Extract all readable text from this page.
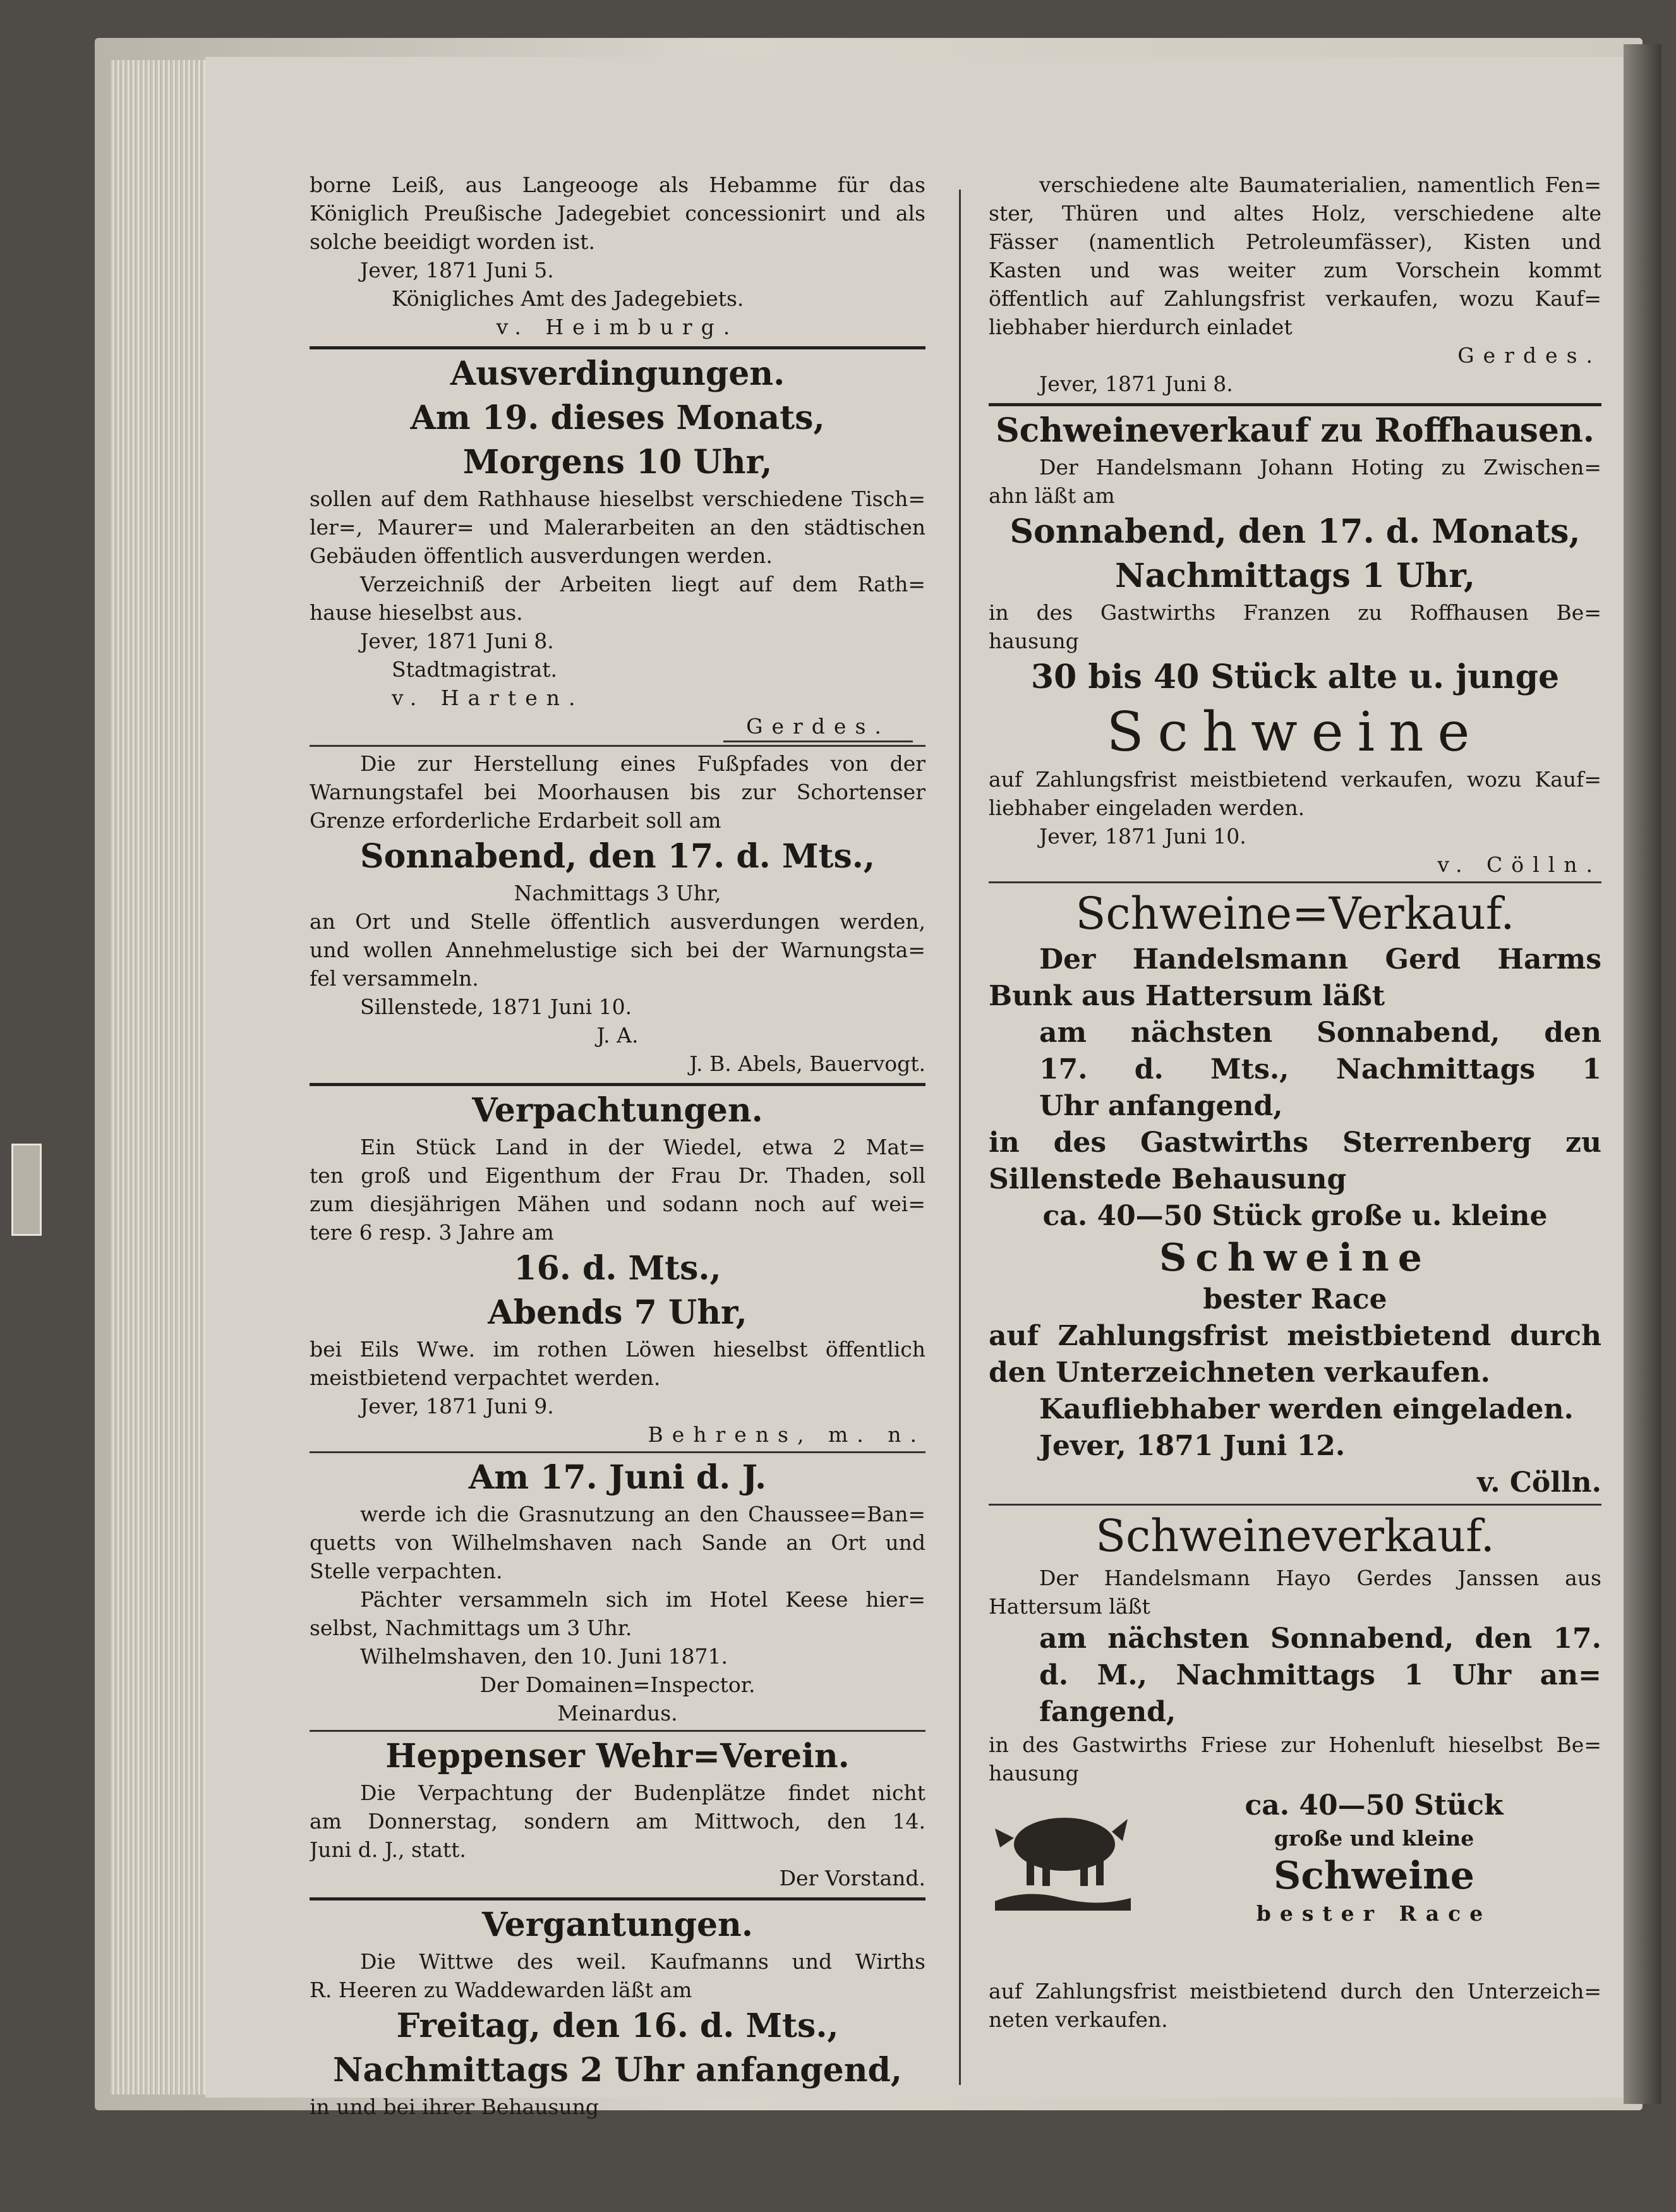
borne Leiß, aus Langeooge als Hebamme für das
Königlich Preußische Jadegebiet concessionirt und als
solche beeidigt worden ist.
Jever, 1871 Juni 5.
Königliches Amt des Jadegebiets.
v. Heimburg.
Ausverdingungen.
Am 19. dieses Monats,
Morgens 10 Uhr,
sollen auf dem Rathhause hieselbst verschiedene Tisch=
ler=, Maurer= und Malerarbeiten an den städtischen
Gebäuden öffentlich ausverdungen werden.
Verzeichniß der Arbeiten liegt auf dem Rath=
hause hieselbst aus.
Jever, 1871 Juni 8.
Stadtmagistrat.
v. Harten.
Gerdes.
Die zur Herstellung eines Fußpfades von der
Warnungstafel bei Moorhausen bis zur Schortenser
Grenze erforderliche Erdarbeit soll am
Sonnabend, den 17. d. Mts.,
Nachmittags 3 Uhr,
an Ort und Stelle öffentlich ausverdungen werden,
und wollen Annehmelustige sich bei der Warnungsta=
fel versammeln.
Sillenstede, 1871 Juni 10.
J. A.
J. B. Abels, Bauervogt.
Verpachtungen.
Ein Stück Land in der Wiedel, etwa 2 Mat=
ten groß und Eigenthum der Frau Dr. Thaden, soll
zum diesjährigen Mähen und sodann noch auf wei=
tere 6 resp. 3 Jahre am
16. d. Mts.,
Abends 7 Uhr,
bei Eils Wwe. im rothen Löwen hieselbst öffentlich
meistbietend verpachtet werden.
Jever, 1871 Juni 9.
Behrens, m. n.
Am 17. Juni d. J.
werde ich die Grasnutzung an den Chaussee=Ban=
quetts von Wilhelmshaven nach Sande an Ort und
Stelle verpachten.
Pächter versammeln sich im Hotel Keese hier=
selbst, Nachmittags um 3 Uhr.
Wilhelmshaven, den 10. Juni 1871.
Der Domainen=Inspector.
Meinardus.
Heppenser Wehr=Verein.
Die Verpachtung der Budenplätze findet nicht
am Donnerstag, sondern am Mittwoch, den 14.
Juni d. J., statt.
Der Vorstand.
Vergantungen.
Die Wittwe des weil. Kaufmanns und Wirths
R. Heeren zu Waddewarden läßt am
Freitag, den 16. d. Mts.,
Nachmittags 2 Uhr anfangend,
in und bei ihrer Behausung
verschiedene alte Baumaterialien, namentlich Fen=
ster, Thüren und altes Holz, verschiedene alte
Fässer (namentlich Petroleumfässer), Kisten und
Kasten und was weiter zum Vorschein kommt
öffentlich auf Zahlungsfrist verkaufen, wozu Kauf=
liebhaber hierdurch einladet
Gerdes.
Jever, 1871 Juni 8.
Schweineverkauf zu Roffhausen.
Der Handelsmann Johann Hoting zu Zwischen=
ahn läßt am
Sonnabend, den 17. d. Monats,
Nachmittags 1 Uhr,
in des Gastwirths Franzen zu Roffhausen Be=
hausung
30 bis 40 Stück alte u. junge
Schweine
auf Zahlungsfrist meistbietend verkaufen, wozu Kauf=
liebhaber eingeladen werden.
Jever, 1871 Juni 10.
v. Cölln.
Schweine=Verkauf.
Der Handelsmann Gerd Harms
Bunk aus Hattersum läßt
am nächsten Sonnabend, den
17. d. Mts., Nachmittags 1
Uhr anfangend,
in des Gastwirths Sterrenberg zu
Sillenstede Behausung
ca. 40—50 Stück große u. kleine
Schweine
bester Race
auf Zahlungsfrist meistbietend durch
den Unterzeichneten verkaufen.
Kaufliebhaber werden eingeladen.
Jever, 1871 Juni 12.
v. Cölln.
Schweineverkauf.
Der Handelsmann Hayo Gerdes Janssen aus
Hattersum läßt
am nächsten Sonnabend, den 17.
d. M., Nachmittags 1 Uhr an=
fangend,
in des Gastwirths Friese zur Hohenluft hieselbst Be=
hausung
ca. 40—50 Stück
große und kleine
Schweine
bester Race
auf Zahlungsfrist meistbietend durch den Unterzeich=
neten verkaufen.
